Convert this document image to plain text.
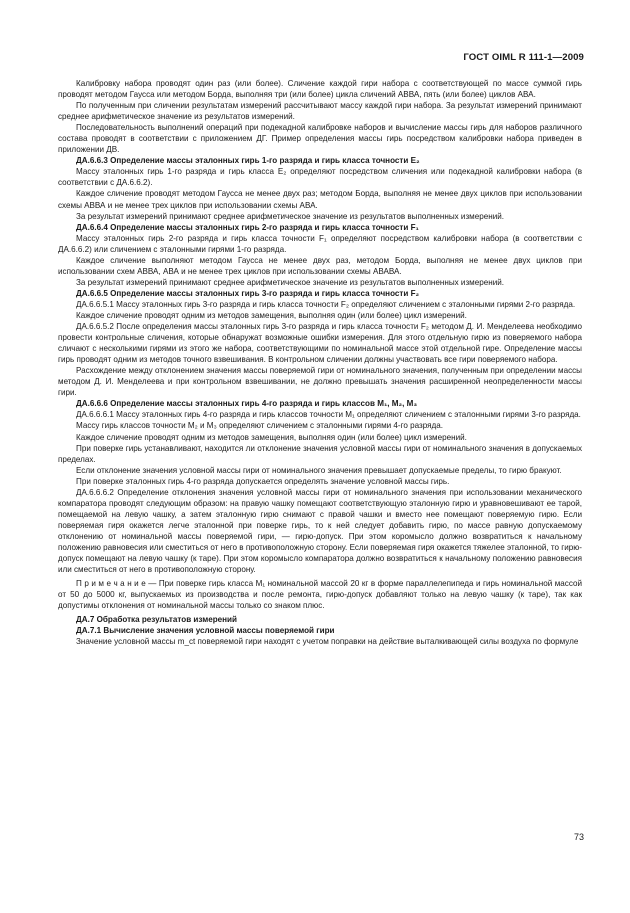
ГОСТ OIML R 111-1—2009

Калибровку набора проводят один раз (или более). Сличение каждой гири набора с соответствующей по массе суммой гирь проводят методом Гаусса или методом Борда, выполняя три (или более) цикла сличений АВВА, пять (или более) циклов АВА.

По полученным при сличении результатам измерений рассчитывают массу каждой гири набора. За результат измерений принимают среднее арифметическое значение из результатов измерений.

Последовательность выполнений операций при подекадной калибровке наборов и вычисление массы гирь для наборов различного состава проводят в соответствии с приложением ДГ. Пример определения массы гирь посредством калибровки набора приведен в приложении ДВ.

ДА.6.6.3 Определение массы эталонных гирь 1-го разряда и гирь класса точности E₂

Массу эталонных гирь 1-го разряда и гирь класса E₂ определяют посредством сличения или подекадной калибровки набора (в соответствии с ДА.6.6.2).

Каждое сличение проводят методом Гаусса не менее двух раз; методом Борда, выполняя не менее двух циклов при использовании схемы АВВА и не менее трех циклов при использовании схемы АВА.

За результат измерений принимают среднее арифметическое значение из результатов выполненных измерений.

ДА.6.6.4 Определение массы эталонных гирь 2-го разряда и гирь класса точности F₁

Массу эталонных гирь 2-го разряда и гирь класса точности F₁ определяют посредством калибровки набора (в соответствии с ДА.6.6.2) или сличением с эталонными гирями 1-го разряда.

Каждое сличение выполняют методом Гаусса не менее двух раз, методом Борда, выполняя не менее двух циклов при использовании схем АВВА, АВА и не менее трех циклов при использовании схемы АВАВА.

За результат измерений принимают среднее арифметическое значение из результатов выполненных измерений.

ДА.6.6.5 Определение массы эталонных гирь 3-го разряда и гирь класса точности F₂

ДА.6.6.5.1 Массу эталонных гирь 3-го разряда и гирь класса точности F₂ определяют сличением с эталонными гирями 2-го разряда.

Каждое сличение проводят одним из методов замещения, выполняя один (или более) цикл измерений.

ДА.6.6.5.2 После определения массы эталонных гирь 3-го разряда и гирь класса точности F₂ методом Д. И. Менделеева необходимо провести контрольные сличения, которые обнаружат возможные ошибки измерения. Для этого отдельную гирю из поверяемого набора сличают с несколькими гирями из этого же набора, соответствующими по номинальной массе этой отдельной гире. Определение массы гирь проводят одним из методов точного взвешивания. В контрольном сличении должны участвовать все гири поверяемого набора.

Расхождение между отклонением значения массы поверяемой гири от номинального значения, полученным при определении массы методом Д. И. Менделеева и при контрольном взвешивании, не должно превышать значения расширенной неопределенности массы гири.

ДА.6.6.6 Определение массы эталонных гирь 4-го разряда и гирь классов M₁, M₂, M₃

ДА.6.6.6.1 Массу эталонных гирь 4-го разряда и гирь классов точности M₁ определяют сличением с эталонными гирями 3-го разряда.

Массу гирь классов точности M₂ и M₃ определяют сличением с эталонными гирями 4-го разряда.

Каждое сличение проводят одним из методов замещения, выполняя один (или более) цикл измерений.

При поверке гирь устанавливают, находится ли отклонение значения условной массы гири от номинального значения в допускаемых пределах.

Если отклонение значения условной массы гири от номинального значения превышает допускаемые пределы, то гирю бракуют.

При поверке эталонных гирь 4-го разряда допускается определять значение условной массы гирь.

ДА.6.6.6.2 Определение отклонения значения условной массы гири от номинального значения при использовании механического компаратора проводят следующим образом: на правую чашку помещают соответствующую эталонную гирю и уравновешивают ее тарой, помещаемой на левую чашку, а затем эталонную гирю снимают с правой чашки и вместо нее помещают поверяемую гирю. Если поверяемая гиря окажется легче эталонной при поверке гирь, то к ней следует добавить гирю, по массе равную допускаемому отклонению от номинальной массы поверяемой гири, — гирю-допуск. При этом коромысло должно возвратиться к начальному положению равновесия или сместиться от него в противоположную сторону. Если поверяемая гиря окажется тяжелее эталонной, то гирю-допуск помещают на левую чашку (к таре). При этом коромысло компаратора должно возвратиться к начальному положению равновесия или сместиться от него в противоположную сторону.

П р и м е ч а н и е — При поверке гирь класса M₁ номинальной массой 20 кг в форме параллелепипеда и гирь номинальной массой от 50 до 5000 кг, выпускаемых из производства и после ремонта, гирю-допуск добавляют только на левую чашку (к таре), так как допустимы отклонения от номинальной массы только со знаком плюс.

ДА.7 Обработка результатов измерений

ДА.7.1 Вычисление значения условной массы поверяемой гири

Значение условной массы m_ct поверяемой гири находят с учетом поправки на действие выталкивающей силы воздуха по формуле

73
